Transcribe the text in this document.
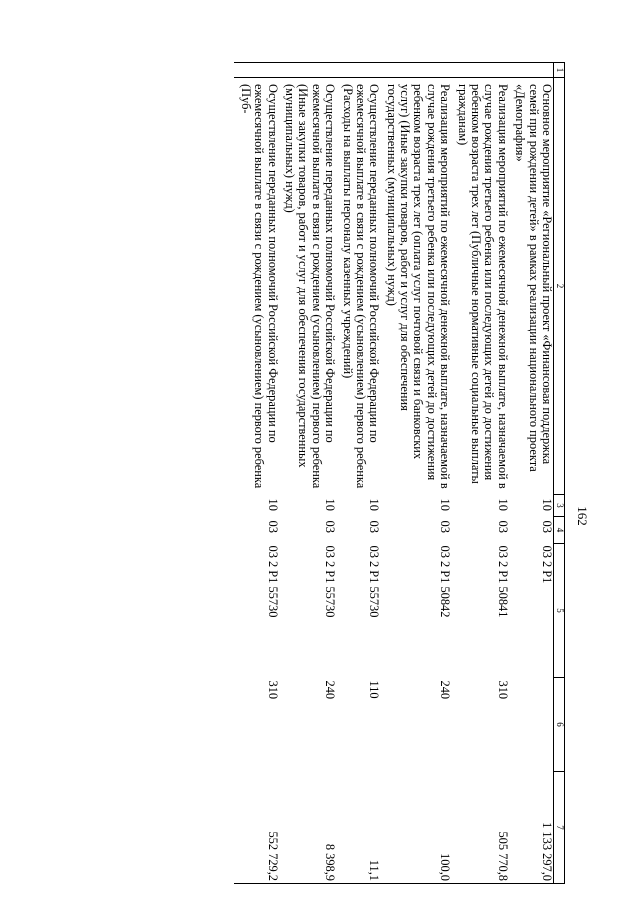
162
1	2	3	4	5	6	7
	Основное мероприятие «Региональный проект «Финансовая поддержка семей при рождении детей» в рамках реализации национального проекта «Демография»	10	03	03 2 P1		1 133 297,0
	Реализация мероприятий по ежемесячной денежной выплате, назначаемой в случае рождения третьего ребенка или последующих детей до достижения ребенком возраста трех лет (Публичные нормативные социальные выплаты гражданам)	10	03	03 2 P1 50841	310	505 770,8
	Реализация мероприятий по ежемесячной денежной выплате, назначаемой в случае рождения третьего ребенка или последующих детей до достижения ребенком возраста трех лет (оплата услуг почтовой связи и банковских услуг) (Иные закупки товаров, работ и услуг для обеспечения государственных (муниципальных) нужд)	10	03	03 2 P1 50842	240	100,0
	Осуществление переданных полномочий Российской Федерации по ежемесячной выплате в связи с рождением (усыновлением) первого ребенка (Расходы на выплаты персоналу казенных учреждений)	10	03	03 2 P1 55730	110	11,1
	Осуществление переданных полномочий Российской Федерации по ежемесячной выплате в связи с рождением (усыновлением) первого ребенка (Иные закупки товаров, работ и услуг для обеспечения государственных (муниципальных) нужд)	10	03	03 2 P1 55730	240	8 398,9
	Осуществление переданных полномочий Российской Федерации по ежемесячной выплате в связи с рождением (усыновлением) первого ребенка (Пуб-	10	03	03 2 P1 55730	310	552 729,2
